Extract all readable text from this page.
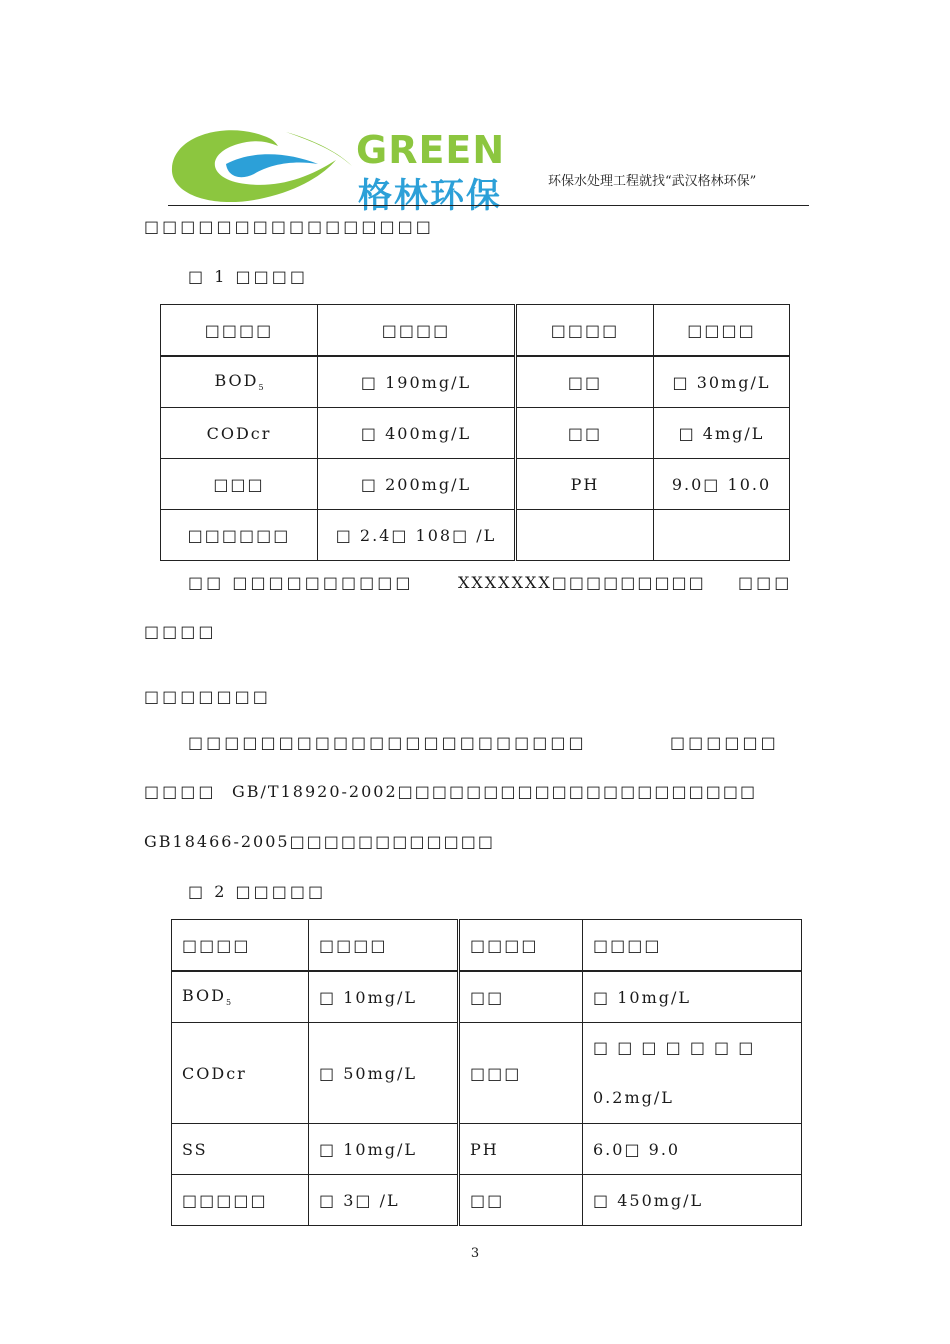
GREEN
格林环保	环保水处理工程就找“武汉格林环保”
□□□□□□□□□□□□□□□□
□ 1 □□□□
□□□□	□□□□	□□□□	□□□□
$BOD_5$	□ 190mg/L	□□	□ 30mg/L
CODcr	□ 400mg/L	□□	□ 4mg/L
□□□	□ 200mg/L	PH	9.0□ 10.0
□□□□□□	□ 2.4□ 108□ /L		
□□ □□□□□□□□□□	XXXXXXX□□□□□□□□□ □□□
□□□□
□□□□□□□
□□□□□□□□□□□□□□□□□□□□□□	□□□□□□
□□□□ GB/T18920-2002□□□□□□□□□□□□□□□□□□□□□
GB18466-2005□□□□□□□□□□□□
□ 2 □□□□□
□□□□	□□□□	□□□□	□□□□
$BOD_5$	□ 10mg/L	□□	□ 10mg/L
CODcr	□ 50mg/L	□□□	□ □ □ □ □ □ □ 0.2mg/L
SS	□ 10mg/L	PH	6.0□ 9.0
□□□□□	□ 3□ /L	□□	□ 450mg/L
3
